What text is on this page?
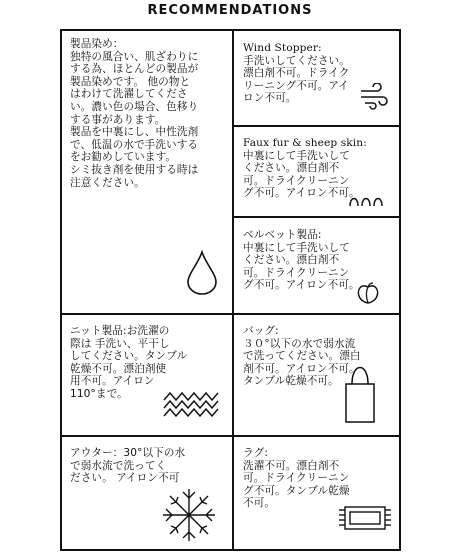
RECOMMENDATIONS
製品染め：
独特の風合い、肌ざわりに
する為、ほとんどの製品が
製品染めです。 他の物と
はわけて洗濯してくださ
い。濃い色の場合、色移り
する事があります。
製品を中裏にし、中性洗剤
で、低温の水で手洗いする
をお勧めしています。
シミ抜き剤を使用する時は
注意ください。
Wind Stopper:
手洗いしてください。
漂白剤不可。ドライク
リーニング不可。アイ
ロン不可。
Faux fur & sheep skin:
中裏にして手洗いして
ください。漂白剤不
可。ドライクリーニン
グ不可。アイロン不可。
ベルベット製品:
中裏にして手洗いして
ください。漂白剤不
可。ドライクリーニン
グ不可。アイロン不可。
ニット製品:お洗濯の
際は 手洗い、平干し
してください。タンブル
乾燥不可。漂泊剤使
用不可。アイロン
110°まで。
バッグ:
３０°以下の水で弱水流
で洗ってください。漂白
剤不可。アイロン不可。
タンブル乾燥不可。
アウター：30°以下の水
で弱水流で洗ってく
ださい。 アイロン不可
ラグ:
洗濯不可。漂白剤不
可。ドライクリーニン
グ不可。タンブル乾燥
不可。
